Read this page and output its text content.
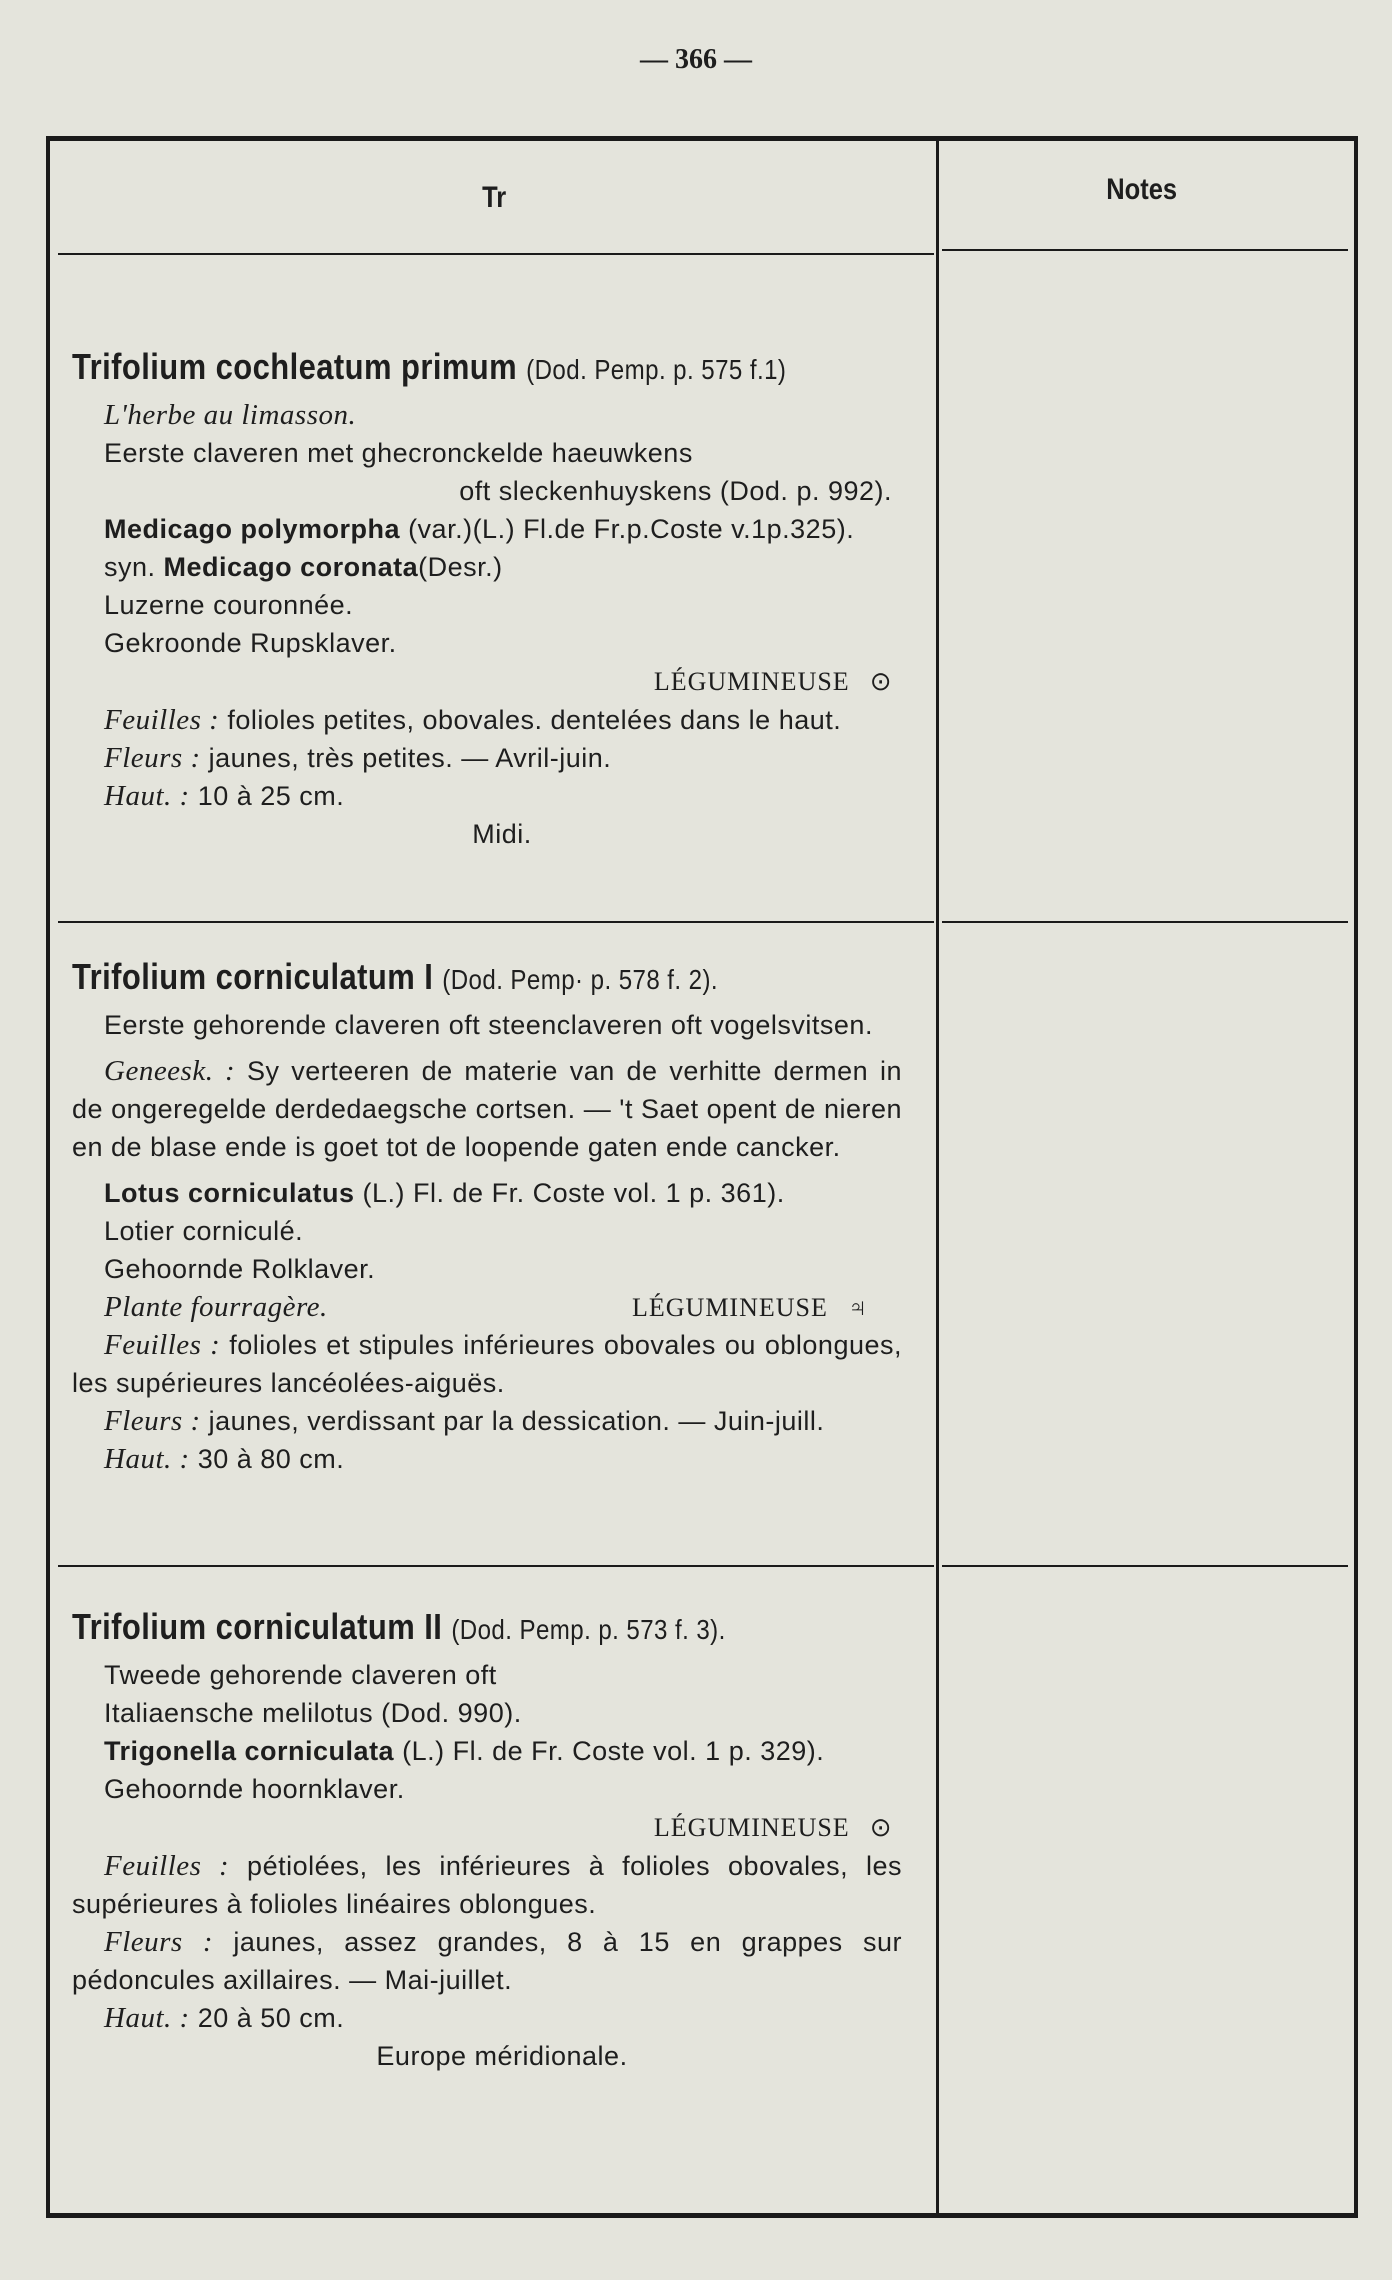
— 366 —
Tr	Notes
Trifolium cochleatum primum (Dod. Pemp. p. 575 f.1)
L'herbe au limasson.
Eerste claveren met ghecronckelde haeuwkens
oft sleckenhuyskens (Dod. p. 992).
Medicago polymorpha (var.)(L.) Fl.de Fr.p.Coste v.1p.325).
syn. Medicago coronata(Desr.)
Luzerne couronnée.
Gekroonde Rupsklaver.
LÉGUMINEUSE ⊙
Feuilles : folioles petites, obovales. dentelées dans le haut.
Fleurs : jaunes, très petites. — Avril-juin.
Haut. : 10 à 25 cm.
Midi.
Trifolium corniculatum I (Dod. Pemp· p. 578 f. 2).
Eerste gehorende claveren oft steenclaveren oft vogelsvitsen.
Geneesk. : Sy verteeren de materie van de verhitte dermen in de ongeregelde derdedaegsche cortsen. — 't Saet opent de nieren en de blase ende is goet tot de loopende gaten ende cancker.
Lotus corniculatus (L.) Fl. de Fr. Coste vol. 1 p. 361).
Lotier corniculé.
Gehoornde Rolklaver.
Plante fourragère.	LÉGUMINEUSE ♃
Feuilles : folioles et stipules inférieures obovales ou oblongues, les supérieures lancéolées-aiguës.
Fleurs : jaunes, verdissant par la dessication. — Juin-juill.
Haut. : 30 à 80 cm.
Trifolium corniculatum II (Dod. Pemp. p. 573 f. 3).
Tweede gehorende claveren oft
Italiaensche melilotus (Dod. 990).
Trigonella corniculata (L.) Fl. de Fr. Coste vol. 1 p. 329).
Gehoornde hoornklaver.
LÉGUMINEUSE ⊙
Feuilles : pétiolées, les inférieures à folioles obovales, les supérieures à folioles linéaires oblongues.
Fleurs : jaunes, assez grandes, 8 à 15 en grappes sur pédoncules axillaires. — Mai-juillet.
Haut. : 20 à 50 cm.
Europe méridionale.
